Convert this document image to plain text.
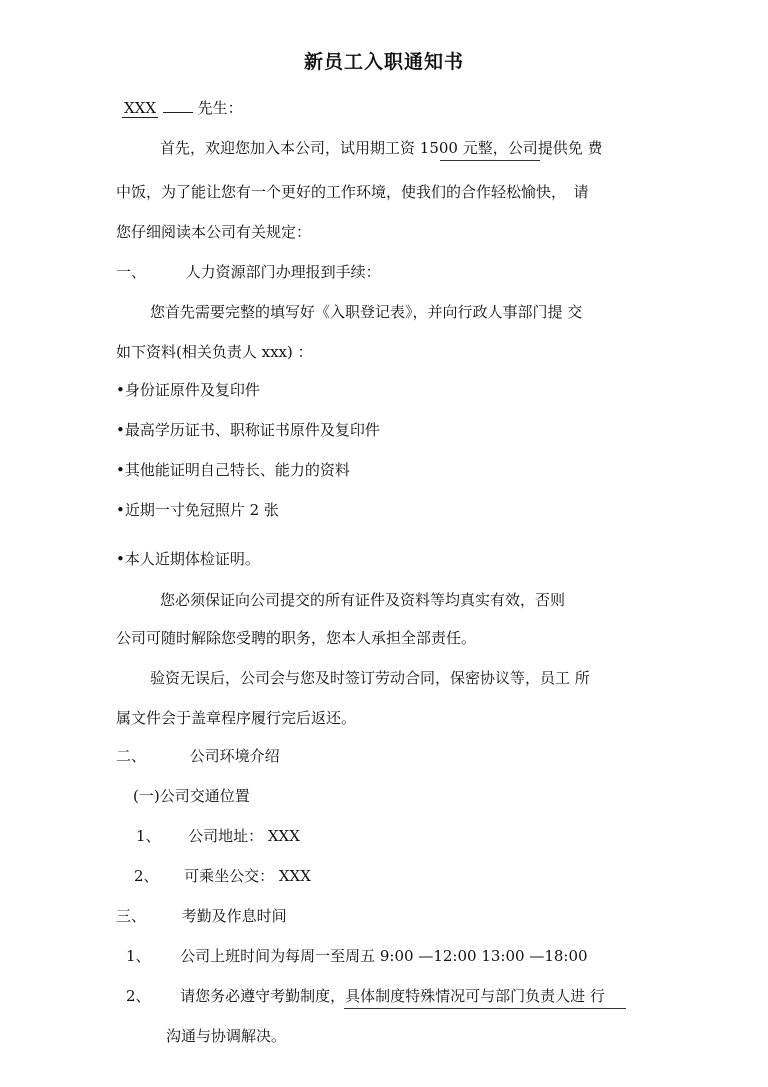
新员工入职通知书
XXX	先生：
首先，欢迎您加入本公司，试用期工资 1500 元整，公司提供免 费
中饭，为了能让您有一个更好的工作环境，使我们的合作轻松愉快，　请
您仔细阅读本公司有关规定：
一、	人力资源部门办理报到手续：
您首先需要完整的填写好《入职登记表》，并向行政人事部门提 交
如下资料(相关负责人 xxx) ：
•身份证原件及复印件
•最高学历证书、职称证书原件及复印件
•其他能证明自己特长、能力的资料
•近期一寸免冠照片 2 张
•本人近期体检证明。
您必须保证向公司提交的所有证件及资料等均真实有效，否则
公司可随时解除您受聘的职务，您本人承担全部责任。
验资无误后，公司会与您及时签订劳动合同，保密协议等，员工 所
属文件会于盖章程序履行完后返还。
二、	公司环境介绍
(一)公司交通位置
1、 公司地址： XXX
2、 可乘坐公交： XXX
三、 考勤及作息时间
1、 公司上班时间为每周一至周五 9:00 —12:00 13:00 —18:00
2、 请您务必遵守考勤制度，具体制度特殊情况可与部门负责人进 行
沟通与协调解决。
